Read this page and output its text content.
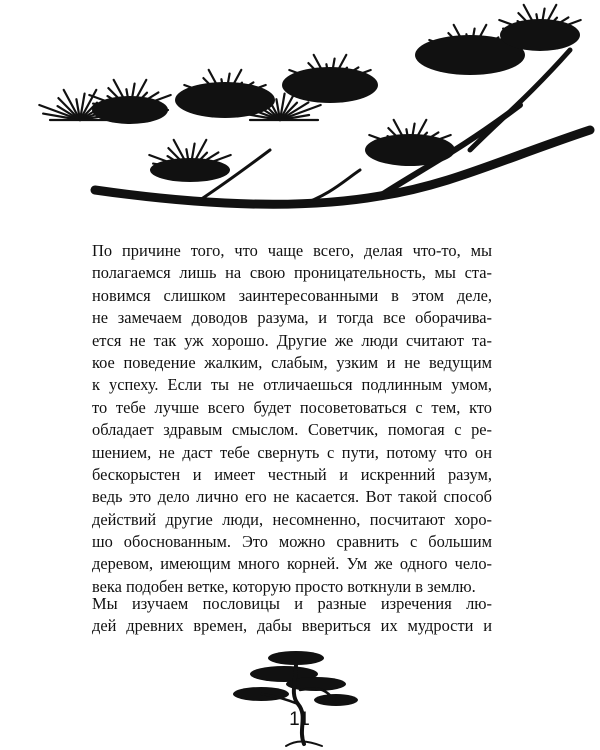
По причине того, что чаще всего, делая что-то, мы
полагаемся лишь на свою проницательность, мы ста-
новимся слишком заинтересованными в этом деле,
не замечаем доводов разума, и тогда все оборачива-
ется не так уж хорошо. Другие же люди считают та-
кое поведение жалким, слабым, узким и не ведущим
к успеху. Если ты не отличаешься подлинным умом,
то тебе лучше всего будет посоветоваться с тем, кто
обладает здравым смыслом. Советчик, помогая с ре-
шением, не даст тебе свернуть с пути, потому что он
бескорыстен и имеет честный и искренний разум,
ведь это дело лично его не касается. Вот такой способ
действий другие люди, несомненно, посчитают хоро-
шо обоснованным. Это можно сравнить с большим
деревом, имеющим много корней. Ум же одного чело-
века подобен ветке, которую просто воткнули в землю.
Мы изучаем пословицы и разные изречения лю-
дей древних времен, дабы ввериться их мудрости и
11
